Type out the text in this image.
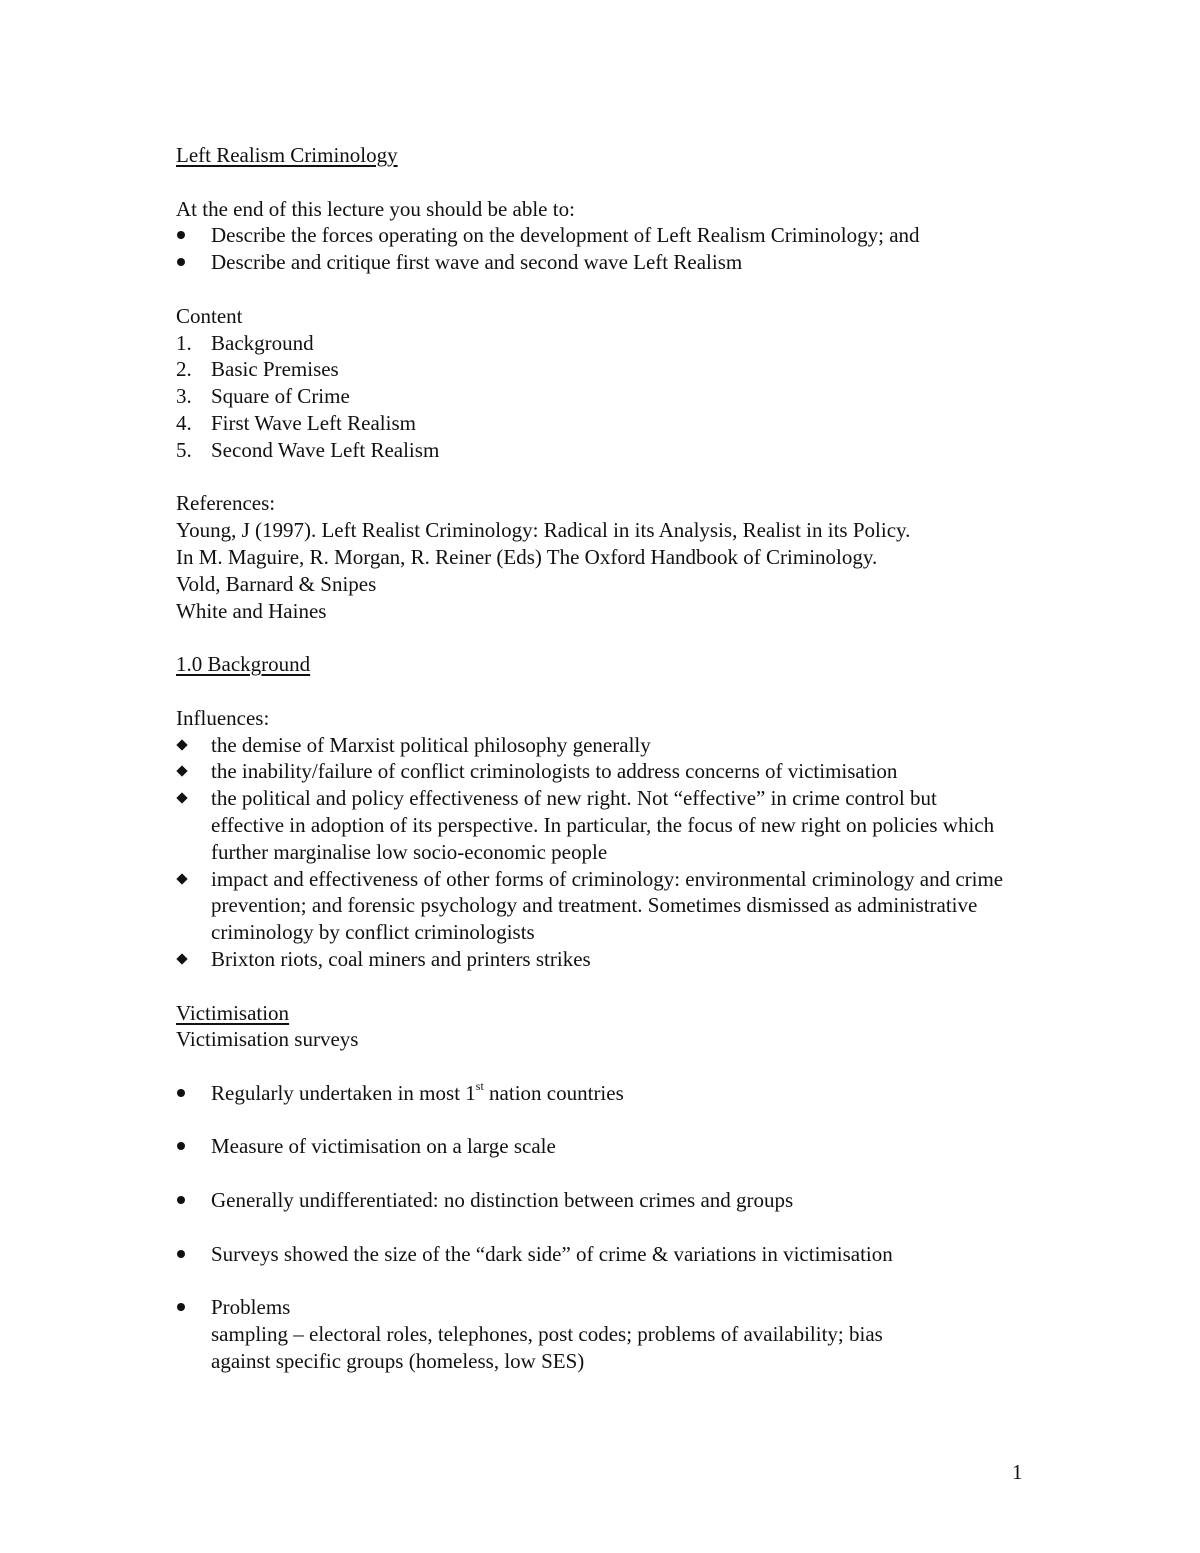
Left Realism Criminology

At the end of this lecture you should be able to:

Describe the forces operating on the development of Left Realism Criminology; and
Describe and critique first wave and second wave Left Realism

Content

1. Background
2. Basic Premises
3. Square of Crime
4. First Wave Left Realism
5. Second Wave Left Realism

References:

Young, J (1997). Left Realist Criminology: Radical in its Analysis, Realist in its Policy.

In M. Maguire, R. Morgan, R. Reiner (Eds) The Oxford Handbook of Criminology.

Vold, Barnard & Snipes

White and Haines

1.0 Background

Influences:

the demise of Marxist political philosophy generally
the inability/failure of conflict criminologists to address concerns of victimisation
the political and policy effectiveness of new right. Not “effective” in crime control but effective in adoption of its perspective. In particular, the focus of new right on policies which further marginalise low socio-economic people
impact and effectiveness of other forms of criminology: environmental criminology and crime prevention; and forensic psychology and treatment. Sometimes dismissed as administrative criminology by conflict criminologists
Brixton riots, coal miners and printers strikes

Victimisation

Victimisation surveys

Regularly undertaken in most 1st nation countries
Measure of victimisation on a large scale
Generally undifferentiated: no distinction between crimes and groups
Surveys showed the size of the “dark side” of crime & variations in victimisation
Problems
sampling – electoral roles, telephones, post codes; problems of availability; bias
against specific groups (homeless, low SES)
1
